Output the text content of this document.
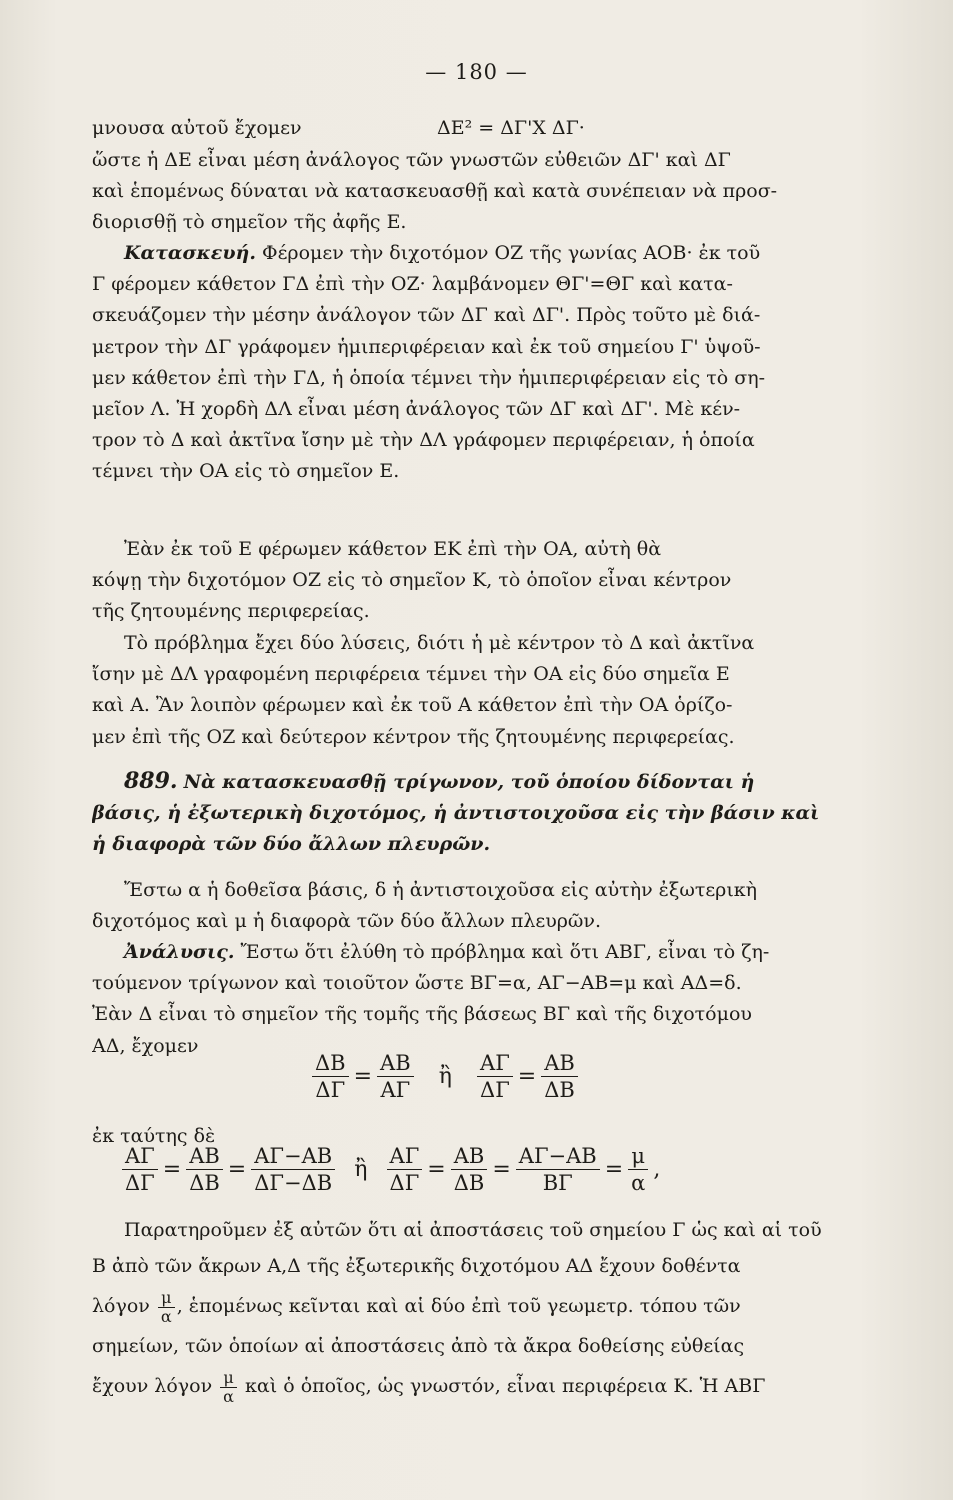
— 180 —
μνουσα αὐτοῦ ἔχομεν	ΔΕ² = ΔΓ'Χ ΔΓ·
ὥστε ἡ ΔΕ εἶναι μέση ἀνάλογος τῶν γνωστῶν εὐθειῶν ΔΓ' καὶ ΔΓ
καὶ ἑπομένως δύναται νὰ κατασκευασθῇ καὶ κατὰ συνέπειαν νὰ προσ-
διορισθῇ τὸ σημεῖον τῆς ἀφῆς Ε.
Κατασκευή. Φέρομεν τὴν διχοτόμον ΟΖ τῆς γωνίας ΑΟΒ· ἐκ τοῦ
Γ φέρομεν κάθετον ΓΔ ἐπὶ τὴν ΟΖ· λαμβάνομεν ΘΓ'=ΘΓ καὶ κατα-
σκευάζομεν τὴν μέσην ἀνάλογον τῶν ΔΓ καὶ ΔΓ'. Πρὸς τοῦτο μὲ διά-
μετρον τὴν ΔΓ γράφομεν ἡμιπεριφέρειαν καὶ ἐκ τοῦ σημείου Γ' ὑψοῦ-
μεν κάθετον ἐπὶ τὴν ΓΔ, ἡ ὁποία τέμνει τὴν ἡμιπεριφέρειαν εἰς τὸ ση-
μεῖον Λ. Ἡ χορδὴ ΔΛ εἶναι μέση ἀνάλογος τῶν ΔΓ καὶ ΔΓ'. Μὲ κέν-
τρον τὸ Δ καὶ ἀκτῖνα ἴσην μὲ τὴν ΔΛ γράφομεν περιφέρειαν, ἡ ὁποία
τέμνει τὴν ΟΑ εἰς τὸ σημεῖον Ε.
Ἐὰν ἐκ τοῦ Ε φέρωμεν κάθετον ΕΚ ἐπὶ τὴν ΟΑ, αὐτὴ θὰ
κόψῃ τὴν διχοτόμον ΟΖ εἰς τὸ σημεῖον Κ, τὸ ὁποῖον εἶναι κέντρον
τῆς ζητουμένης περιφερείας.
Τὸ πρόβλημα ἔχει δύο λύσεις, διότι ἡ μὲ κέντρον τὸ Δ καὶ ἀκτῖνα
ἴσην μὲ ΔΛ γραφομένη περιφέρεια τέμνει τὴν ΟΑ εἰς δύο σημεῖα Ε
καὶ Α. Ἂν λοιπὸν φέρωμεν καὶ ἐκ τοῦ Α κάθετον ἐπὶ τὴν ΟΑ ὁρίζο-
μεν ἐπὶ τῆς ΟΖ καὶ δεύτερον κέντρον τῆς ζητουμένης περιφερείας.
889. Νὰ κατασκευασθῇ τρίγωνον, τοῦ ὁποίου δίδονται ἡ
βάσις, ἡ ἐξωτερικὴ διχοτόμος, ἡ ἀντιστοιχοῦσα εἰς τὴν βάσιν καὶ
ἡ διαφορὰ τῶν δύο ἄλλων πλευρῶν.
Ἔστω α ἡ δοθεῖσα βάσις, δ ἡ ἀντιστοιχοῦσα εἰς αὐτὴν ἐξωτερικὴ
διχοτόμος καὶ μ ἡ διαφορὰ τῶν δύο ἄλλων πλευρῶν.
Ἀνάλυσις. Ἔστω ὅτι ἐλύθη τὸ πρόβλημα καὶ ὅτι ΑΒΓ, εἶναι τὸ ζη-
τούμενον τρίγωνον καὶ τοιοῦτον ὥστε ΒΓ=α, ΑΓ−ΑΒ=μ καὶ ΑΔ=δ.
Ἐὰν Δ εἶναι τὸ σημεῖον τῆς τομῆς τῆς βάσεως ΒΓ καὶ τῆς διχοτόμου
ΑΔ, ἔχομεν
$\frac{\Delta B}{\Delta\Gamma} = \frac{AB}{A\Gamma}$ ἢ $\frac{A\Gamma}{\Delta\Gamma} = \frac{AB}{\Delta B}$
ἐκ ταύτης δὲ
$\frac{A\Gamma}{\Delta\Gamma} = \frac{AB}{\Delta B} = \frac{A\Gamma-AB}{\Delta\Gamma-\Delta B}$ ἢ $\frac{A\Gamma}{\Delta\Gamma} = \frac{AB}{\Delta B} = \frac{A\Gamma-AB}{B\Gamma} = \frac{\mu}{\alpha}$ ,
Παρατηροῦμεν ἐξ αὐτῶν ὅτι αἱ ἀποστάσεις τοῦ σημείου Γ ὡς καὶ αἱ τοῦ
Β ἀπὸ τῶν ἄκρων Α,Δ τῆς ἐξωτερικῆς διχοτόμου ΑΔ ἔχουν δοθέντα
λόγον $\frac{\mu}{\alpha}$ , ἑπομένως κεῖνται καὶ αἱ δύο ἐπὶ τοῦ γεωμετρ. τόπου τῶν
σημείων, τῶν ὁποίων αἱ ἀποστάσεις ἀπὸ τὰ ἄκρα δοθείσης εὐθείας
ἔχουν λόγον $\frac{\mu}{\alpha}$ καὶ ὁ ὁποῖος, ὡς γνωστόν, εἶναι περιφέρεια Κ. Ἡ ΑΒΓ
